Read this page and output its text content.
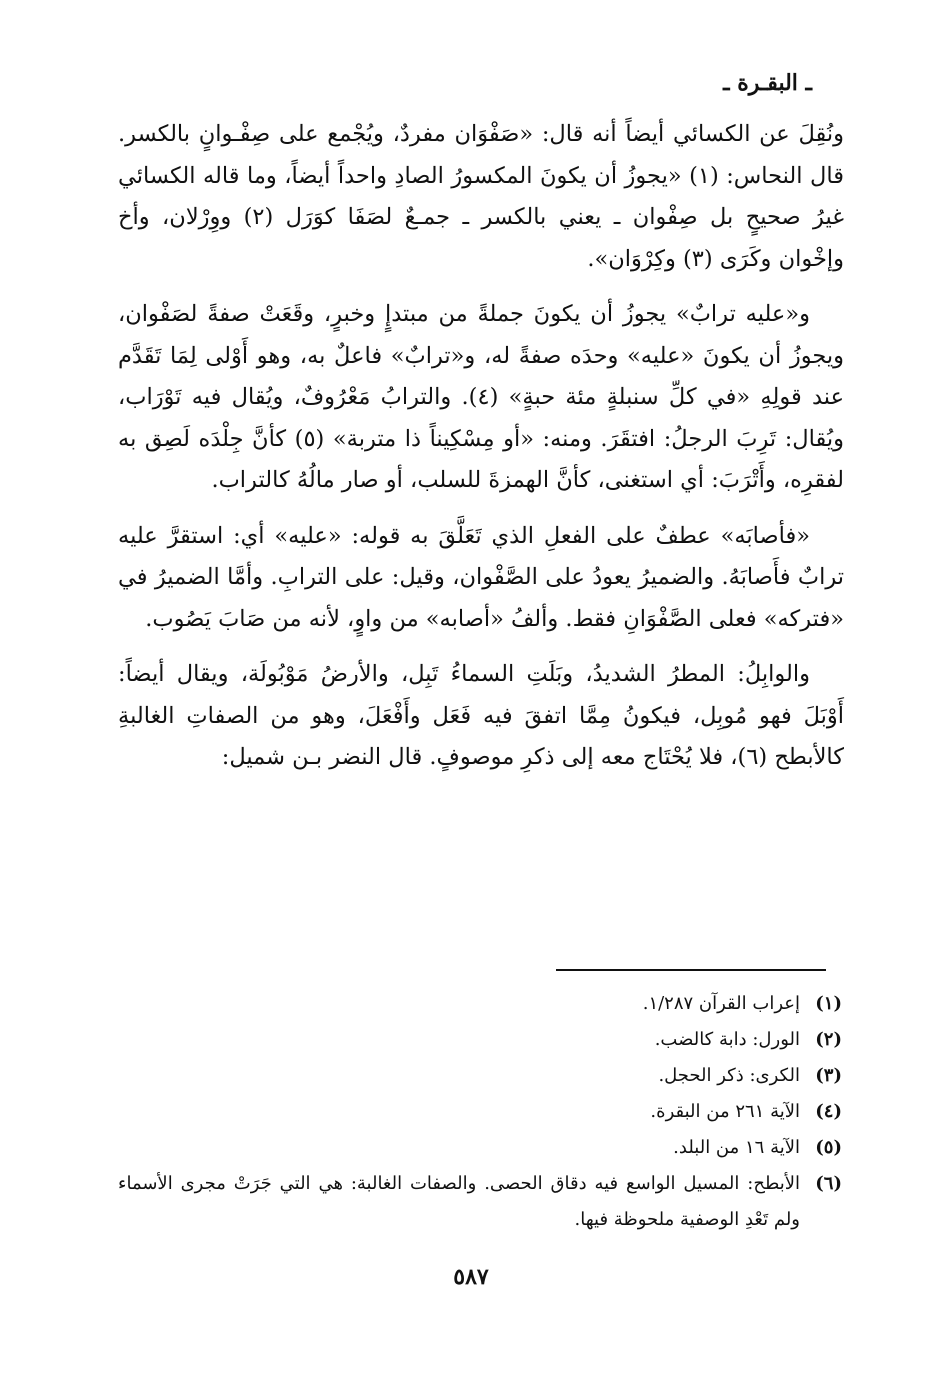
ـ البقـرة ـ

ونُقِلَ عن الكسائي أيضاً أنه قال: «صَفْوَان مفردٌ، ويُجْمع على صِفْـوانٍ بالكسر. قال النحاس: (١) «يجوزُ أن يكونَ المكسورُ الصادِ واحداً أيضاً، وما قاله الكسائي غيرُ صحيحٍ بل صِفْوان ـ يعني بالكسر ـ جمـعٌ لصَفَا كوَرَل (٢) ووِرْلان، وأخ وإخْوان وكَرَى (٣) وكِرْوَان».

و«عليه ترابٌ» يجوزُ أن يكونَ جملةً من مبتدإٍ وخبرٍ، وقَعَتْ صفةً لصَفْوان، ويجوزُ أن يكونَ «عليه» وحدَه صفةً له، و«ترابٌ» فاعلٌ به، وهو أَوْلى لِمَا تَقَدَّم عند قولِهِ «في كلِّ سنبلةٍ مئة حبةٍ» (٤). والترابُ مَعْرُوفٌ، ويُقال فيه تَوْرَاب، ويُقال: تَرِبَ الرجلُ: افتقَرَ. ومنه: «أو مِسْكِيناً ذا متربة» (٥) كأنَّ جِلْدَه لَصِق به لفقرِه، وأَتْرَبَ: أي استغنى، كأنَّ الهمزةَ للسلب، أو صار مالُهُ كالتراب.

«فأصابَه» عطفٌ على الفعلِ الذي تَعَلَّقَ به قوله: «عليه» أي: استقرَّ عليه ترابٌ فأَصابَهُ. والضميرُ يعودُ على الصَّفْوان، وقيل: على الترابِ. وأمَّا الضميرُ في «فتركه» فعلى الصَّفْوَانِ فقط. وألفُ «أصابه» من واوٍ، لأنه من صَابَ يَصُوب.

والوابِلُ: المطرُ الشديدُ، وبَلَتِ السماءُ تَبِل، والأرضُ مَوْبُولَة، ويقال أيضاً: أَوْبَلَ فهو مُوبِل، فيكونُ مِمَّا اتفقَ فيه فَعَل وأَفْعَلَ، وهو من الصفاتِ الغالبةِ كالأبطح (٦)، فلا يُحْتَاج معه إلى ذكرِ موصوفٍ. قال النضر بـن شميل:

(١)
إعراب القرآن ١/٢٨٧.
(٢)
الورل: دابة كالضب.
(٣)
الكرى: ذكر الحجل.
(٤)
الآية ٢٦١ من البقرة.
(٥)
الآية ١٦ من البلد.
(٦)
الأبطح: المسيل الواسع فيه دقاق الحصى. والصفات الغالبة: هي التي جَرَتْ مجرى الأسماء ولم تَعْدِ الوصفية ملحوظة فيها.
٥٨٧
